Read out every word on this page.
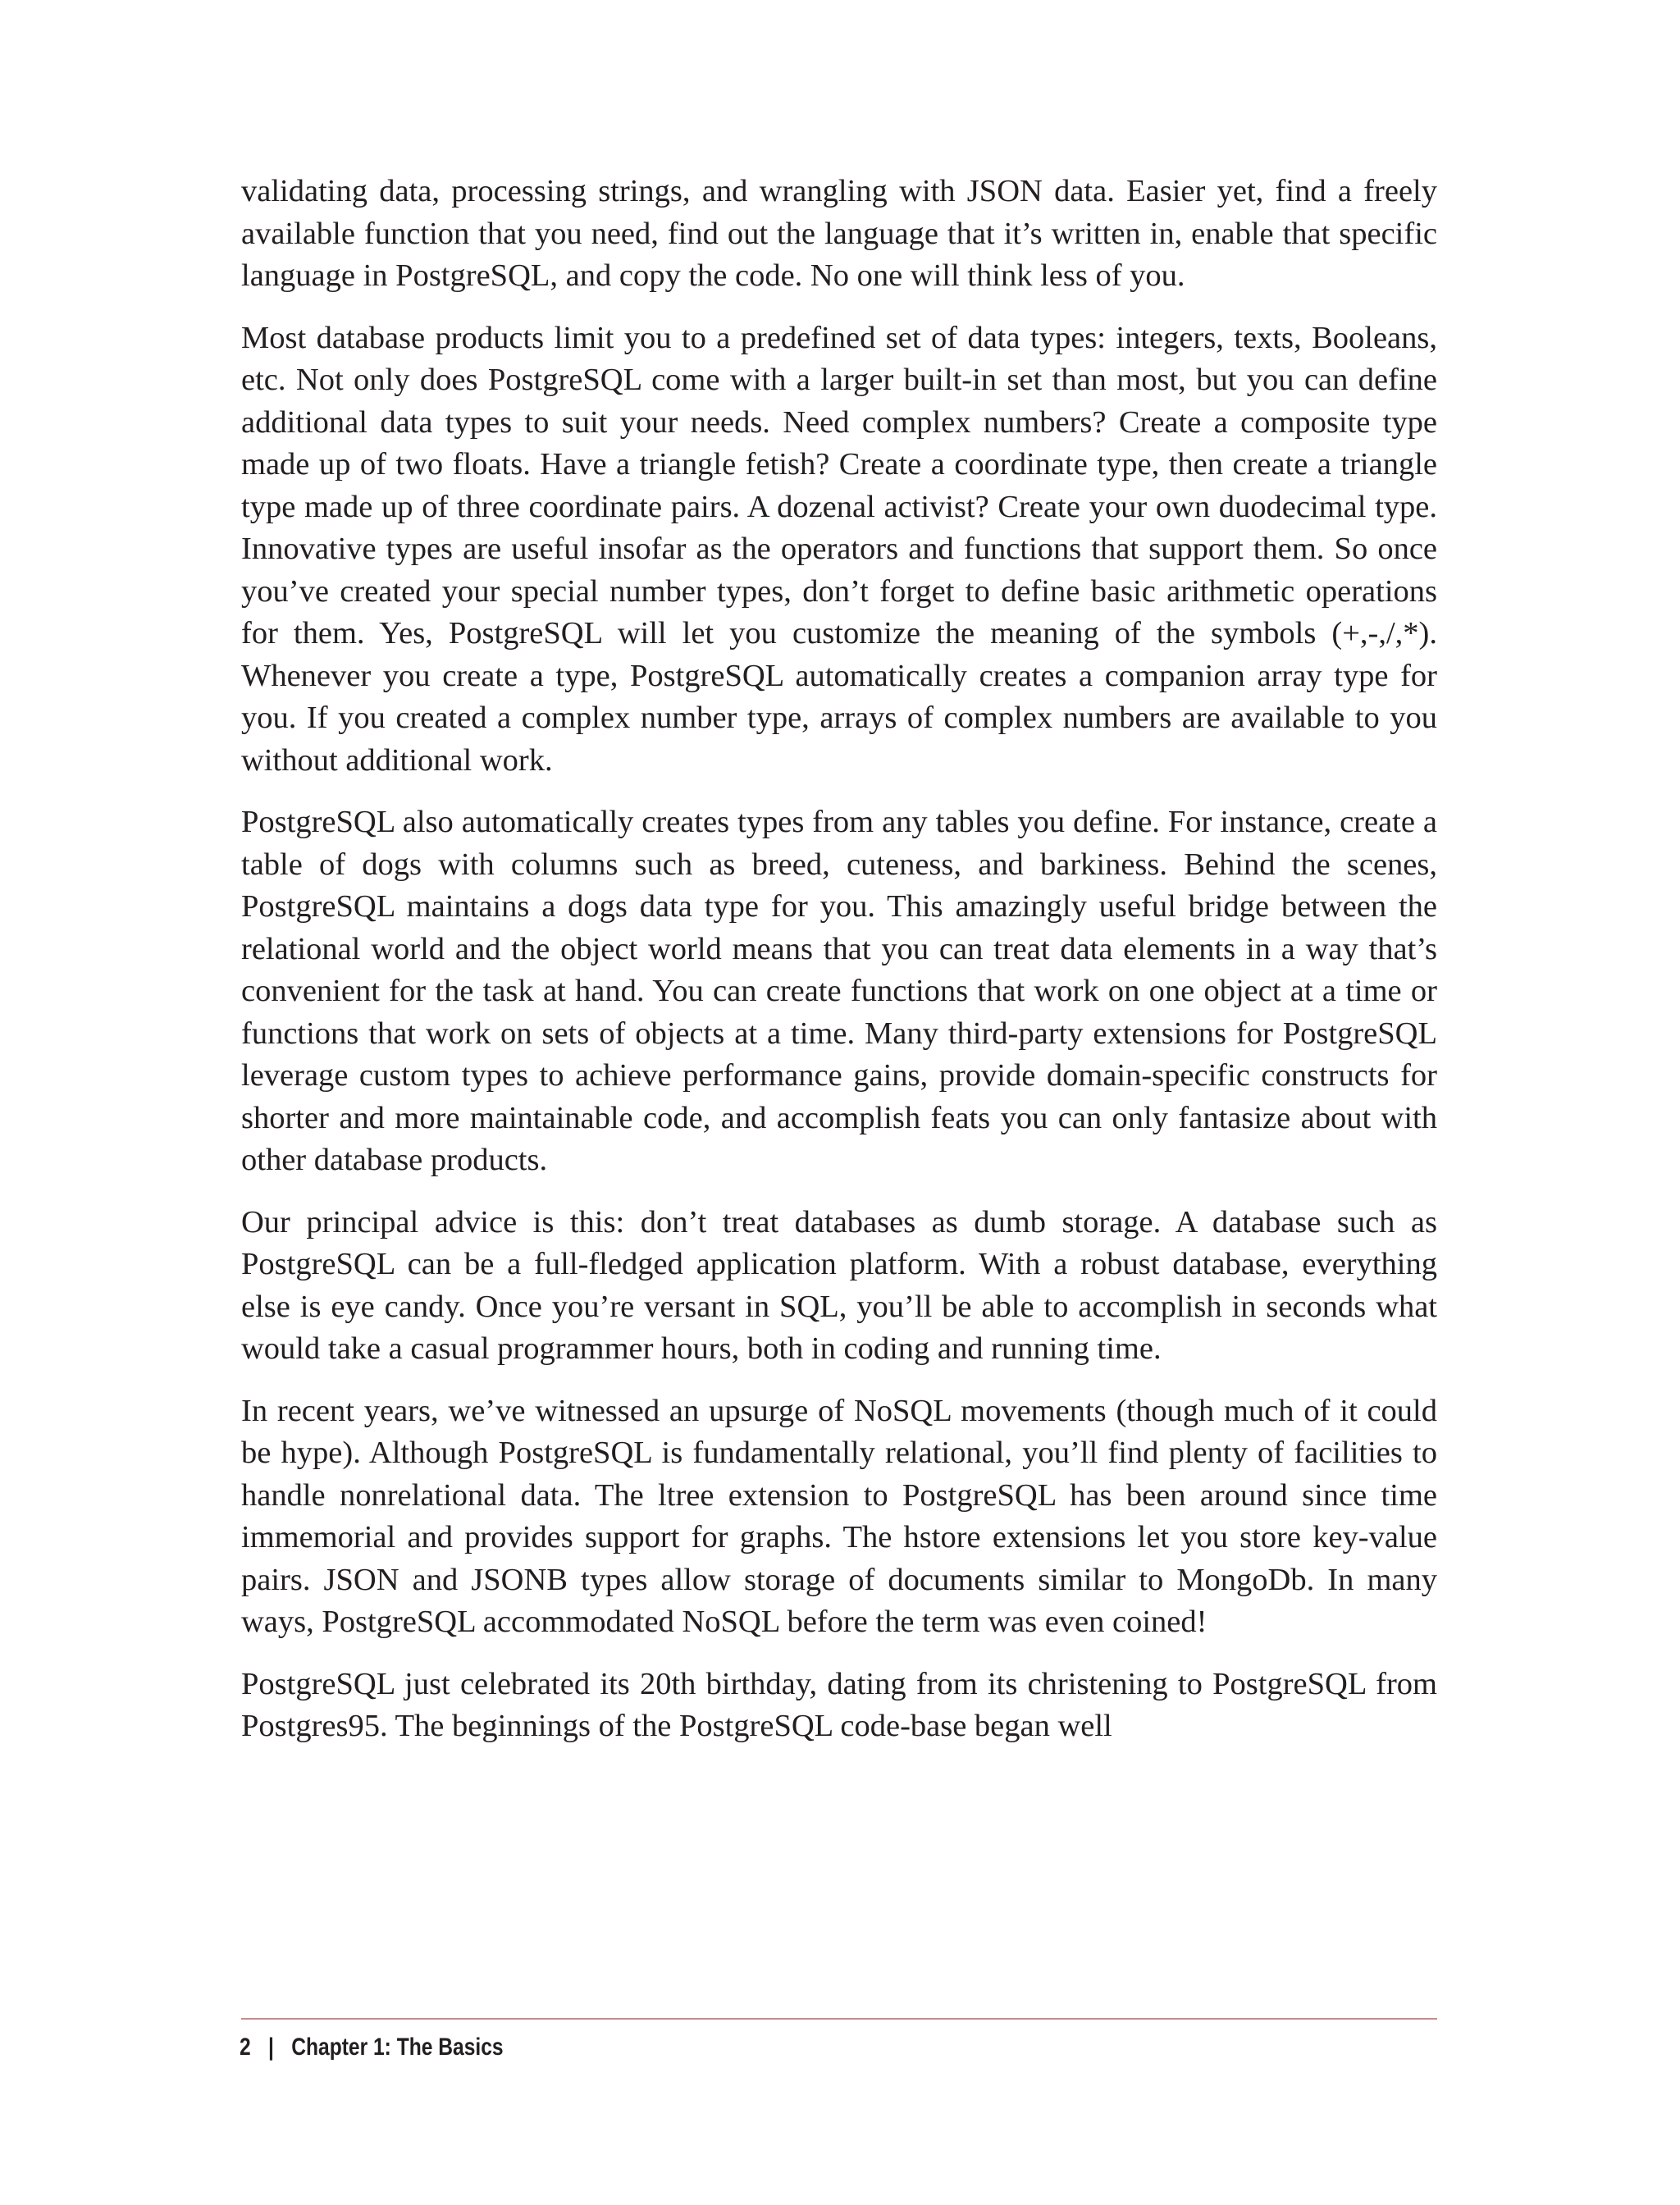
validating data, processing strings, and wrangling with JSON data. Easier yet, find a freely available function that you need, find out the language that it’s written in, enable that specific language in PostgreSQL, and copy the code. No one will think less of you.

Most database products limit you to a predefined set of data types: integers, texts, Booleans, etc. Not only does PostgreSQL come with a larger built-in set than most, but you can define additional data types to suit your needs. Need complex numbers? Create a composite type made up of two floats. Have a triangle fetish? Create a coordinate type, then create a triangle type made up of three coordinate pairs. A dozenal activist? Create your own duodecimal type. Innovative types are useful insofar as the operators and functions that support them. So once you’ve created your special number types, don’t forget to define basic arithmetic operations for them. Yes, PostgreSQL will let you customize the meaning of the symbols (+,-,/,*). Whenever you create a type, PostgreSQL automatically creates a companion array type for you. If you created a complex number type, arrays of complex numbers are available to you without additional work.

PostgreSQL also automatically creates types from any tables you define. For instance, create a table of dogs with columns such as breed, cuteness, and barkiness. Behind the scenes, PostgreSQL maintains a dogs data type for you. This amazingly useful bridge between the relational world and the object world means that you can treat data elements in a way that’s convenient for the task at hand. You can create functions that work on one object at a time or functions that work on sets of objects at a time. Many third-party extensions for PostgreSQL leverage custom types to achieve performance gains, provide domain-specific constructs for shorter and more maintainable code, and accomplish feats you can only fantasize about with other database products.

Our principal advice is this: don’t treat databases as dumb storage. A database such as PostgreSQL can be a full-fledged application platform. With a robust database, everything else is eye candy. Once you’re versant in SQL, you’ll be able to accomplish in seconds what would take a casual programmer hours, both in coding and running time.

In recent years, we’ve witnessed an upsurge of NoSQL movements (though much of it could be hype). Although PostgreSQL is fundamentally relational, you’ll find plenty of facilities to handle nonrelational data. The ltree extension to PostgreSQL has been around since time immemorial and provides support for graphs. The hstore extensions let you store key-value pairs. JSON and JSONB types allow storage of documents similar to MongoDb. In many ways, PostgreSQL accommodated NoSQL before the term was even coined!

PostgreSQL just celebrated its 20th birthday, dating from its christening to PostgreSQL from Postgres95. The beginnings of the PostgreSQL code-base began well

2 | Chapter 1: The Basics
